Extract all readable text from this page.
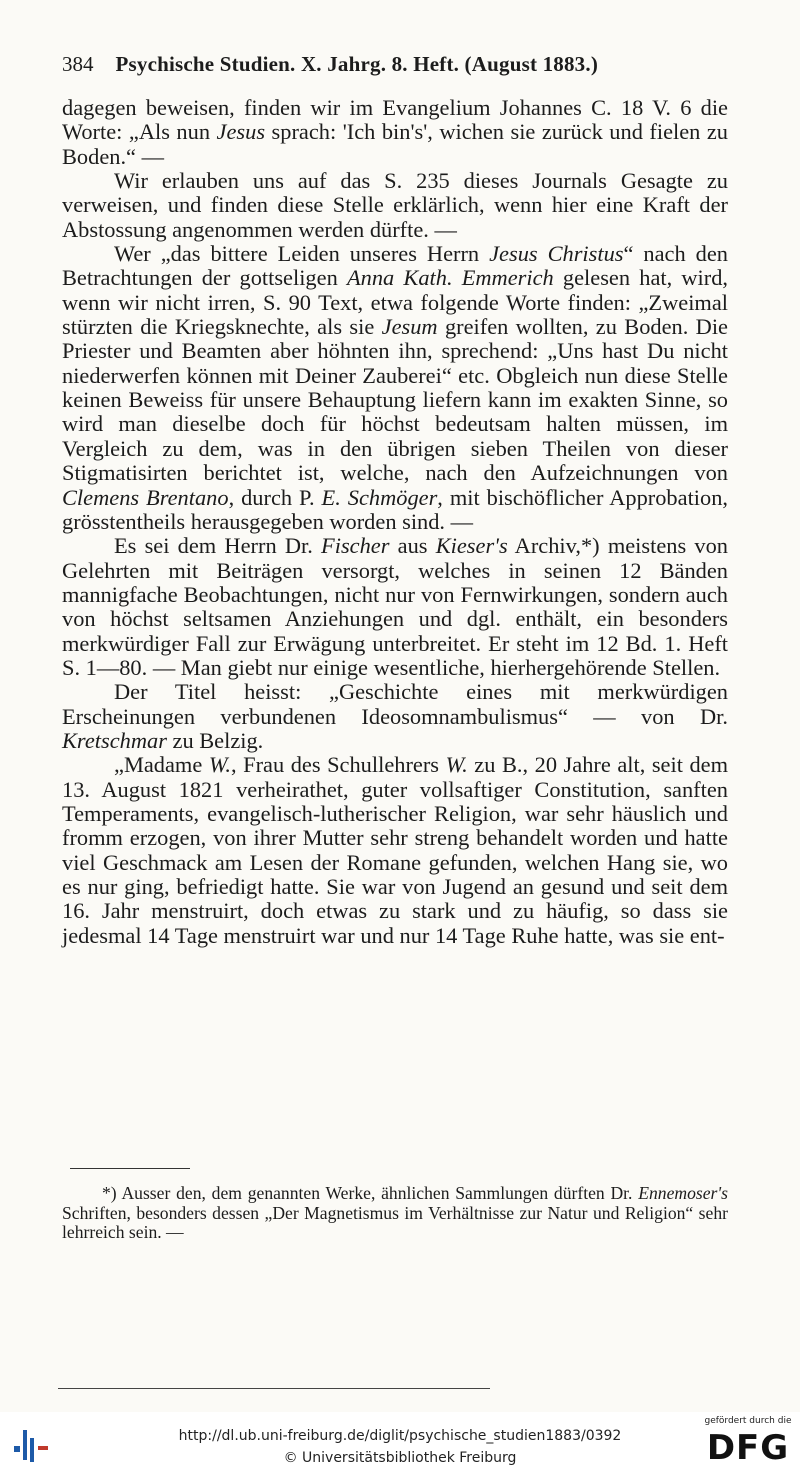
384 Psychische Studien. X. Jahrg. 8. Heft. (August 1883.)

dagegen beweisen, finden wir im Evangelium Johannes C. 18 V. 6 die Worte: „Als nun Jesus sprach: 'Ich bin's', wichen sie zurück und fielen zu Boden.“ —

Wir erlauben uns auf das S. 235 dieses Journals Gesagte zu verweisen, und finden diese Stelle erklärlich, wenn hier eine Kraft der Abstossung angenommen werden dürfte. —

Wer „das bittere Leiden unseres Herrn Jesus Christus“ nach den Betrachtungen der gottseligen Anna Kath. Emmerich gelesen hat, wird, wenn wir nicht irren, S. 90 Text, etwa folgende Worte finden: „Zweimal stürzten die Kriegsknechte, als sie Jesum greifen wollten, zu Boden. Die Priester und Beamten aber höhnten ihn, sprechend: „Uns hast Du nicht niederwerfen können mit Deiner Zauberei“ etc. Obgleich nun diese Stelle keinen Beweiss für unsere Behauptung liefern kann im exakten Sinne, so wird man dieselbe doch für höchst bedeutsam halten müssen, im Vergleich zu dem, was in den übrigen sieben Theilen von dieser Stigmatisirten berichtet ist, welche, nach den Aufzeichnungen von Clemens Brentano, durch P. E. Schmöger, mit bischöflicher Approbation, grösstentheils herausgegeben worden sind. —

Es sei dem Herrn Dr. Fischer aus Kieser's Archiv,*) meistens von Gelehrten mit Beiträgen versorgt, welches in seinen 12 Bänden mannigfache Beobachtungen, nicht nur von Fernwirkungen, sondern auch von höchst seltsamen Anziehungen und dgl. enthält, ein besonders merkwürdiger Fall zur Erwägung unterbreitet. Er steht im 12 Bd. 1. Heft S. 1—80. — Man giebt nur einige wesentliche, hierhergehörende Stellen.

Der Titel heisst: „Geschichte eines mit merkwürdigen Erscheinungen verbundenen Ideosomnambulismus“ — von Dr. Kretschmar zu Belzig.

„Madame W., Frau des Schullehrers W. zu B., 20 Jahre alt, seit dem 13. August 1821 verheirathet, guter vollsaftiger Constitution, sanften Temperaments, evangelisch-lutherischer Religion, war sehr häuslich und fromm erzogen, von ihrer Mutter sehr streng behandelt worden und hatte viel Geschmack am Lesen der Romane gefunden, welchen Hang sie, wo es nur ging, befriedigt hatte. Sie war von Jugend an gesund und seit dem 16. Jahr menstruirt, doch etwas zu stark und zu häufig, so dass sie jedesmal 14 Tage menstruirt war und nur 14 Tage Ruhe hatte, was sie ent-

*) Ausser den, dem genannten Werke, ähnlichen Sammlungen dürften Dr. Ennemoser's Schriften, besonders dessen „Der Magnetismus im Verhältnisse zur Natur und Religion“ sehr lehrreich sein. —

http://dl.ub.uni-freiburg.de/diglit/psychische_studien1883/0392
© Universitätsbibliothek Freiburg
gefördert durch die
DFG
